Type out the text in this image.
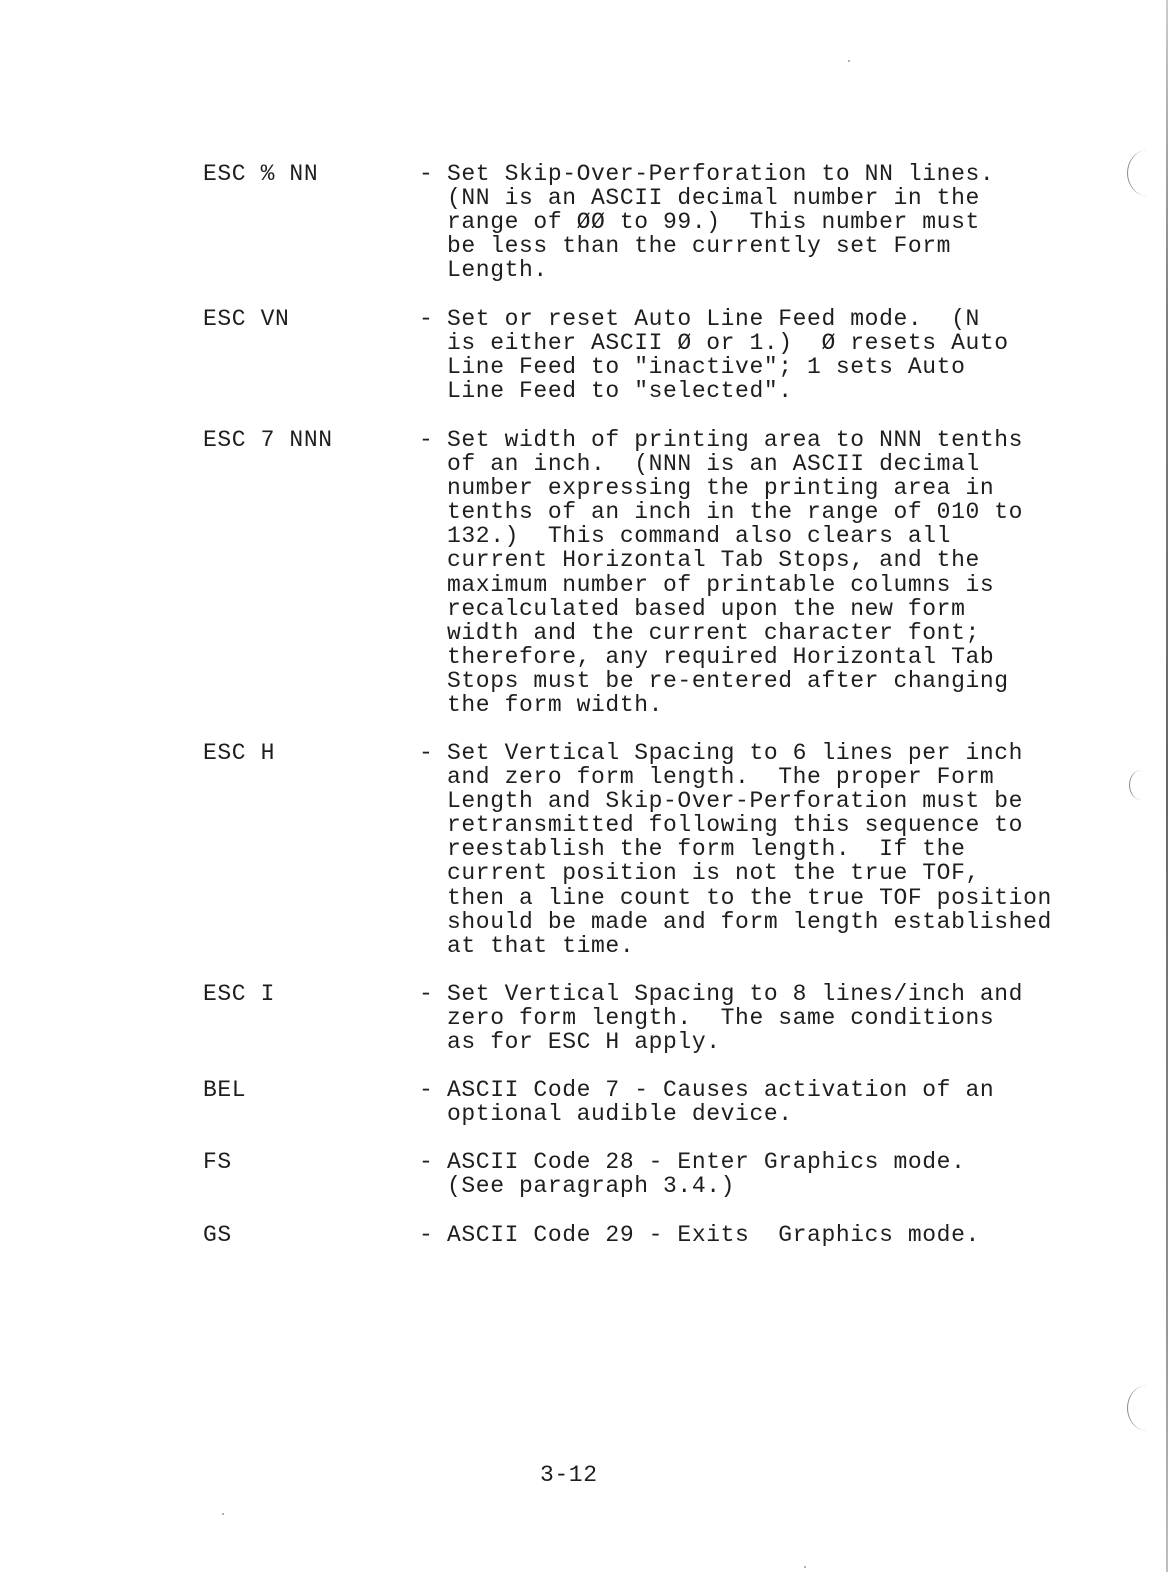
ESC % NN	- Set Skip-Over-Perforation to NN lines.
(NN is an ASCII decimal number in the
range of ØØ to 99.)  This number must
be less than the currently set Form
Length.
ESC VN	- Set or reset Auto Line Feed mode.  (N
is either ASCII Ø or 1.)  Ø resets Auto
Line Feed to "inactive"; 1 sets Auto
Line Feed to "selected".
ESC 7 NNN	- Set width of printing area to NNN tenths
of an inch.  (NNN is an ASCII decimal
number expressing the printing area in
tenths of an inch in the range of 010 to
132.)  This command also clears all
current Horizontal Tab Stops, and the
maximum number of printable columns is
recalculated based upon the new form
width and the current character font;
therefore, any required Horizontal Tab
Stops must be re-entered after changing
the form width.
ESC H	- Set Vertical Spacing to 6 lines per inch
and zero form length.  The proper Form
Length and Skip-Over-Perforation must be
retransmitted following this sequence to
reestablish the form length.  If the
current position is not the true TOF,
then a line count to the true TOF position
should be made and form length established
at that time.
ESC I	- Set Vertical Spacing to 8 lines/inch and
zero form length.  The same conditions
as for ESC H apply.
BEL	- ASCII Code 7 - Causes activation of an
optional audible device.
FS	- ASCII Code 28 - Enter Graphics mode.
(See paragraph 3.4.)
GS	- ASCII Code 29 - Exits  Graphics mode.
3-12
